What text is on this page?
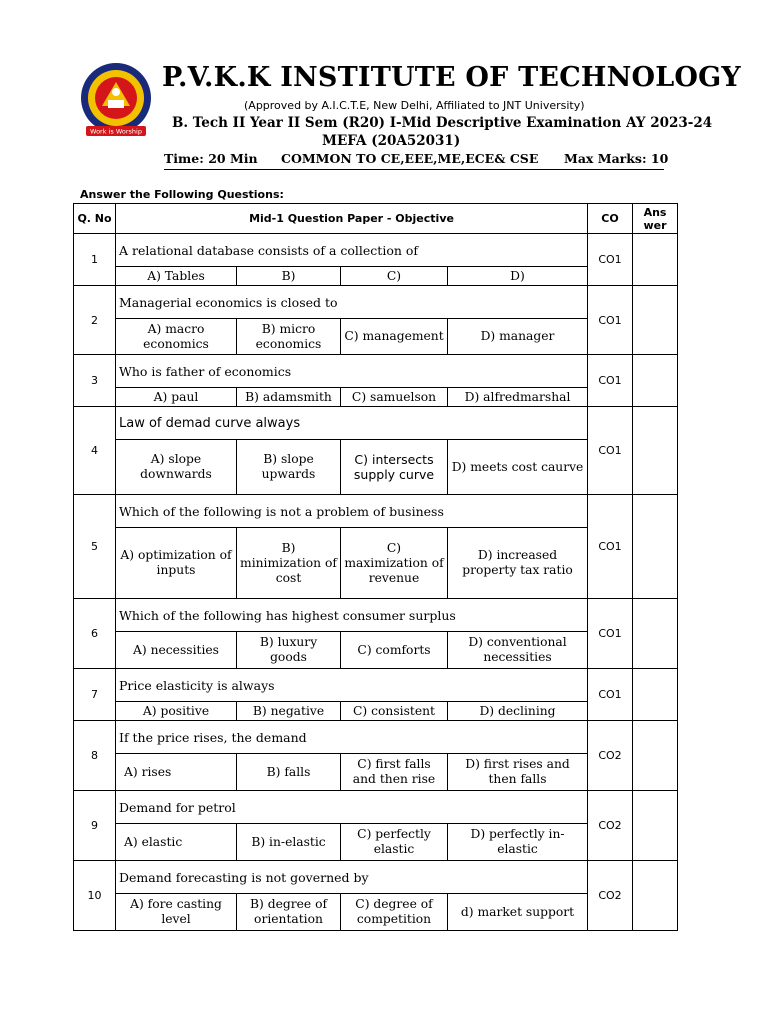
Work is Worship
P.V.K.K INSTITUTE OF TECHNOLOGY
(Approved by A.I.C.T.E, New Delhi, Affiliated to JNT University)
B. Tech II Year II Sem (R20) I-Mid Descriptive Examination AY 2023-24
MEFA (20A52031)
Time: 20 Min COMMON TO CE,EEE,ME,ECE& CSE Max Marks: 10
Answer the Following Questions:
Q. No	Mid-1 Question Paper - Objective				CO	Ans wer
1	A relational database consists of a collection of				CO1	
	A) Tables	B)	C)	D)		
2	Managerial economics is closed to				CO1	
	A) macro economics	B) micro economics	C) management	D) manager		
3	Who is father of economics				CO1	
	A) paul	B) adamsmith	C) samuelson	D) alfredmarshal		
4	Law of demad curve always				CO1	
	A) slope downwards	B) slope upwards	C) intersects supply curve	D) meets cost caurve		
5	Which of the following is not a problem of business				CO1	
	A) optimization of inputs	B) minimization of cost	C) maximization of revenue	D) increased property tax ratio		
6	Which of the following has highest consumer surplus				CO1	
	A) necessities	B) luxury goods	C) comforts	D) conventional necessities		
7	Price elasticity is always				CO1	
	A) positive	B) negative	C) consistent	D) declining		
8	If the price rises, the demand				CO2	
	A) rises	B) falls	C) first falls and then rise	D) first rises and then falls		
9	Demand for petrol				CO2	
	A) elastic	B) in-elastic	C) perfectly elastic	D) perfectly in-elastic		
10	Demand forecasting is not governed by				CO2	
	A) fore casting level	B) degree of orientation	C) degree of competition	d) market support		
